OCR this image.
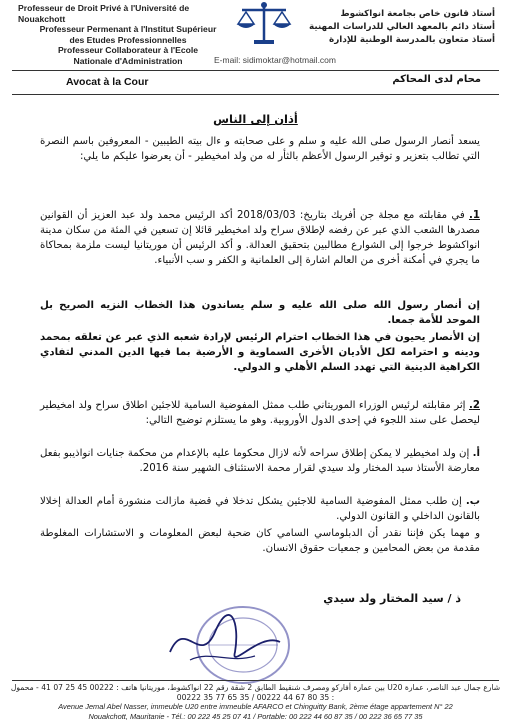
Professeur de Droit Privé à l'Université de Nouakchott
Professeur Permenant à l'Institut Supérieur
des Etudes Professionnelles
Professeur Collaborateur à l'Ecole
Nationale d'Administration
أستاذ قانون خاص بجامعة انواكشوط
أستاذ دائم بالمعهد العالي للدراسات المهنية
أستاذ متعاون بالمدرسة الوطنية للإدارة
E-mail: sidimoktar@hotmail.com
Avocat à la Cour	محام لدى المحاكم
أذان إلى الناس
يسعد أنصار الرسول صلى الله عليه و سلم و على صحابته و ءال بيته الطيبين - المعروفين باسم النصرة التي تطالب بتعزير و توقير الرسول الأعظم بالثأر له من ولد امخيطير - أن يعرضوا عليكم ما يلي:
1. في مقابلته مع مجلة جن أفريك بتاريخ: 2018/03/03 أكد الرئيس محمد ولد عبد العزيز أن القوانين مصدرها الشعب الذي عبر عن رفضه لإطلاق سراح ولد امخيطير قائلا إن تسعين في المئة من سكان مدينة انواكشوط خرجوا إلى الشوارع مطالبين بتحقيق العدالة. و أكد الرئيس أن موريتانيا ليست ملزمة بمحاكاة ما يجري في أمكنة أخرى من العالم اشارة إلى العلمانية و الكفر و سب الأنبياء.
إن أنصار رسول الله صلى الله عليه و سلم يساندون هذا الخطاب النزيه الصريح بل الموحد للأمة جمعا.
إن الأنصار يحيون في هذا الخطاب احترام الرئيس لإرادة شعبه الذي عبر عن تعلقه بمحمد ودينه و احترامه لكل الأديان الأخرى السماوية و الأرضية بما فيها الدين المدني لتفادي الكراهية الدينية التي تهدد السلم الأهلي و الدولي.
2. إثر مقابلته لرئيس الوزراء الموريتاني طلب ممثل المفوضية السامية للاجئين اطلاق سراح ولد امخيطير ليحصل على سند اللجوء في إحدى الدول الأوروبية. وهو ما يستلزم توضيح التالي:
أ. إن ولد امخيطير لا يمكن إطلاق سراحه لأنه لازال محكوما عليه بالإعدام من محكمة جنايات انواذيبو بفعل معارضة الأستاذ سيد المختار ولد سيدي لقرار محمة الاستئناف الشهير سنة 2016.
ب. إن طلب ممثل المفوضية السامية للاجئين يشكل تدخلا في قضية مازالت منشورة أمام العدالة إخلالا بالقانون الداخلي و القانون الدولي.
و مهما يكن فإننا نقدر أن الدبلوماسي السامي كان ضحية لبعض المعلومات و الاستشارات المغلوطة مقدمة من بعض المحامين و جمعيات حقوق الانسان.
ذ / سيد المختار ولد سيدي
شارع جمال عبد الناصر، عمارة U20 بين عمارة أفاركو ومصرف شنقيط الطابق 2 شقة رقم 22 انواكشوط، موريتانيا هاتف : 00222 45 25 07 41 - محمول : 35 80 67 44 00222 / 35 65 77 35 00222
Avenue Jemal Abel Nasser, immeuble U20 entre immeuble AFARCO et Chinguitty Bank, 2ème étage appartement N° 22
Nouakchott, Mauritanie - Tél.: 00 222 45 25 07 41 / Portable: 00 222 44 60 87 35 / 00 222 36 65 77 35
